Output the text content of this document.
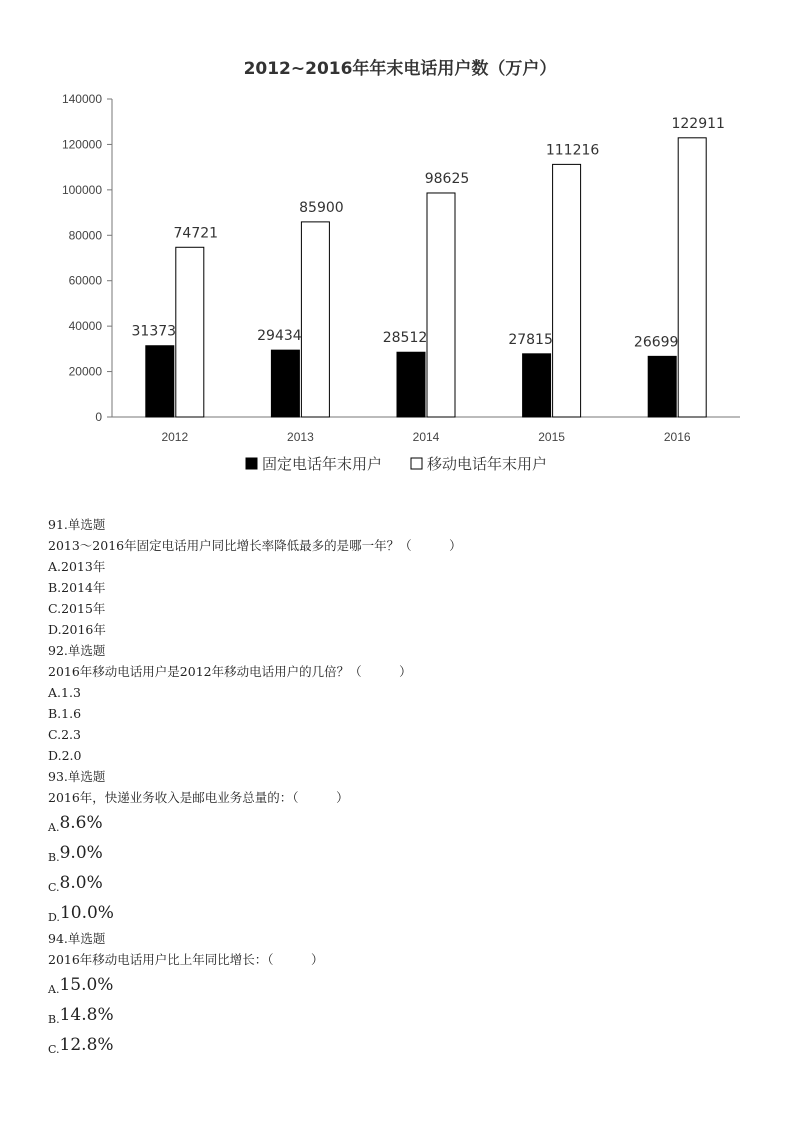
2012~2016年年末电话用户数（万户）
0
20000
40000
60000
80000
100000
120000
140000
31373
74721
2012
29434
85900
2013
28512
98625
2014
27815
111216
2015
26699
122911
2016
固定电话年末用户	移动电话年末用户
91.单选题
2013～2016年固定电话用户同比增长率降低最多的是哪一年？（　　　）
A.2013年
B.2014年
C.2015年
D.2016年
92.单选题
2016年移动电话用户是2012年移动电话用户的几倍？（　　　）
A.1.3
B.1.6
C.2.3
D.2.0
93.单选题
2016年，快递业务收入是邮电业务总量的：（　　　）
A.8.6%
B.9.0%
C.8.0%
D.10.0%
94.单选题
2016年移动电话用户比上年同比增长：（　　　）
A.15.0%
B.14.8%
C.12.8%
